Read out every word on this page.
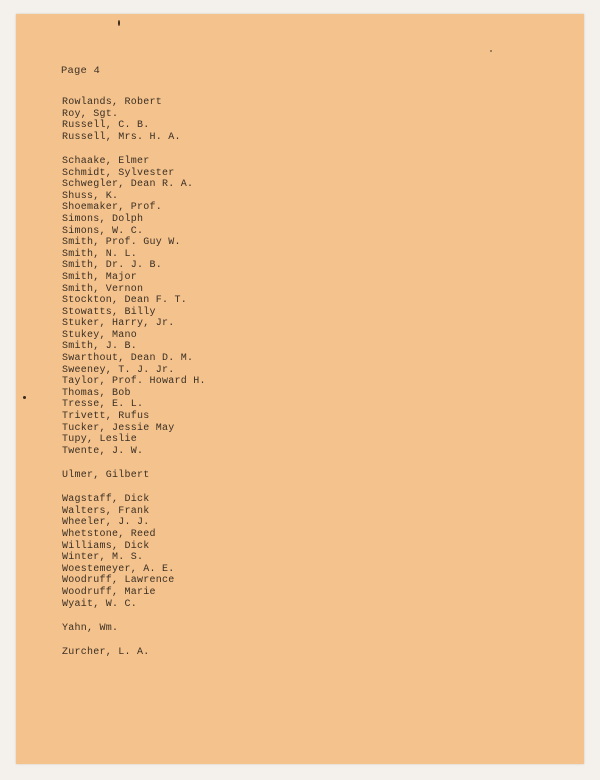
Page 4

Rowlands, Robert
Roy, Sgt.
Russell, C. B.
Russell, Mrs. H. A.
Schaake, Elmer
Schmidt, Sylvester
Schwegler, Dean R. A.
Shuss, K.
Shoemaker, Prof.
Simons, Dolph
Simons, W. C.
Smith, Prof. Guy W.
Smith, N. L.
Smith, Dr. J. B.
Smith, Major
Smith, Vernon
Stockton, Dean F. T.
Stowatts, Billy
Stuker, Harry, Jr.
Stukey, Mano
Smith, J. B.
Swarthout, Dean D. M.
Sweeney, T. J. Jr.
Taylor, Prof. Howard H.
Thomas, Bob
Tresse, E. L.
Trivett, Rufus
Tucker, Jessie May
Tupy, Leslie
Twente, J. W.
Ulmer, Gilbert
Wagstaff, Dick
Walters, Frank
Wheeler, J. J.
Whetstone, Reed
Williams, Dick
Winter, M. S.
Woestemeyer, A. E.
Woodruff, Lawrence
Woodruff, Marie
Wyait, W. C.
Yahn, Wm.
Zurcher, L. A.
